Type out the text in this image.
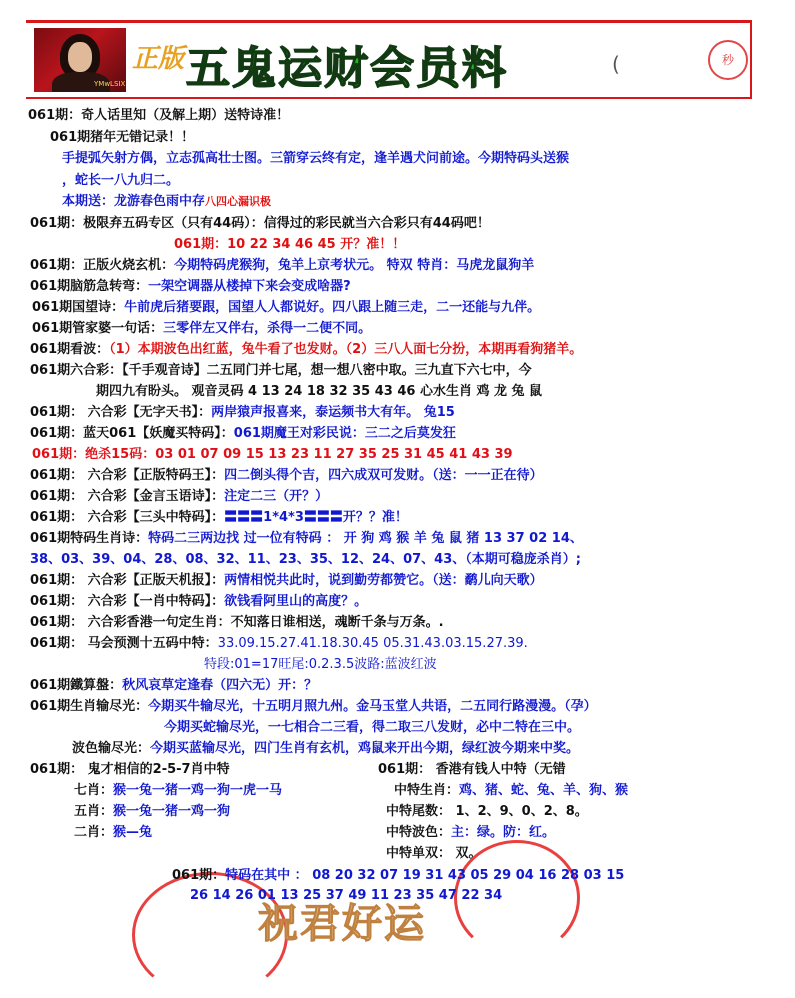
YMwLSIX
正版 五鬼运财会员料	(	秒
061期：奇人话里知（及解上期）送特诗准！
061期猪年无错记录！！
手提弧矢射方偶，立志孤高壮士图。三箭穿云终有定，逢羊遇犬问前途。今期特码头送猴
，蛇长一八九归二。
本期送：龙游春色雨中存八四心漏识极
061期：极限弃五码专区（只有44码）：信得过的彩民就当六合彩只有44码吧！
061期：10 22 34 46 45 开？准！！
061期：正版火烧玄机：今期特码虎猴狗，兔羊上京考状元。 特双 特肖：马虎龙鼠狗羊
061期脑筋急转弯：一架空调器从楼掉下来会变成啥器?
061期国望诗：牛前虎后猪要跟，国望人人都说好。四八跟上随三走，二一还能与九伴。
061期管家婆一句话：三零伴左又伴右，杀得一二便不同。
061期看波：（1）本期波色出红蓝，兔牛看了也发财。（2）三八人面七分扮，本期再看狗猪羊。
061期六合彩：【千手观音诗】二五同门并七尾，想一想八密中取。三九直下六七中，今
期四九有盼头。 观音灵码 4 13 24 18 32 35 43 46 心水生肖 鸡 龙 兔 鼠
061期： 六合彩【无字天书】：两岸猿声报喜来，泰运频书大有年。 兔15
061期：蓝天061【妖魔买特码】：061期魔王对彩民说：三二之后莫发狂
061期：绝杀15码：03 01 07 09 15 13 23 11 27 35 25 31 45 41 43 39
061期： 六合彩【正版特码王】：四二倒头得个吉，四六成双可发财。（送：一一正在待）
061期： 六合彩【金言玉语诗】：注定二三（开？）
061期： 六合彩【三头中特码】：〓〓〓1*4*3〓〓〓开？？准！
061期特码生肖诗：特码二三两边找 过一位有特码 ： 开 狗 鸡 猴 羊 兔 鼠 猪 13 37 02 14、
38、03、39、04、28、08、32、11、23、35、12、24、07、43、（本期可稳庞杀肖）;
061期： 六合彩【正版天机报】：两情相悦共此时，说到勤劳都赞它。（送：鹬儿向天歌）
061期： 六合彩【一肖中特码】：欲钱看阿里山的高度？。
061期： 六合彩香港一句定生肖：不知落日谁相送，魂断千条与万条。.
061期： 马会预测十五码中特：33.09.15.27.41.18.30.45 05.31.43.03.15.27.39.
特段:01=17旺尾:0.2.3.5波路:蓝波红波
061期鐵算盤：秋风哀草定逢春（四六无）开：？
061期生肖输尽光：今期买牛输尽光，十五明月照九州。金马玉堂人共语，二五同行路漫漫。（孕）
今期买蛇输尽光，一七相合二三看，得二取三八发财，必中二特在三中。
波色输尽光：今期买蓝输尽光，四门生肖有玄机，鸡鼠来开出今期，绿红波今期来中奖。
061期： 鬼才相信的2-5-7肖中特
七肖：猴一兔一猪一鸡一狗一虎一马
五肖：猴一兔一猪一鸡一狗
二肖：猴—兔
061期： 香港有钱人中特（无错
中特生肖：鸡、猪、蛇、兔、羊、狗、猴
中特尾数： 1、2、9、0、2、8。
中特波色：主：绿。防：红。
中特单双： 双。
061期：特码在其中 ： 08 20 32 07 19 31 43 05 29 04 16 28 03 15
26 14 26 01 13 25 37 49 11 23 35 47 22 34
祝君好运
